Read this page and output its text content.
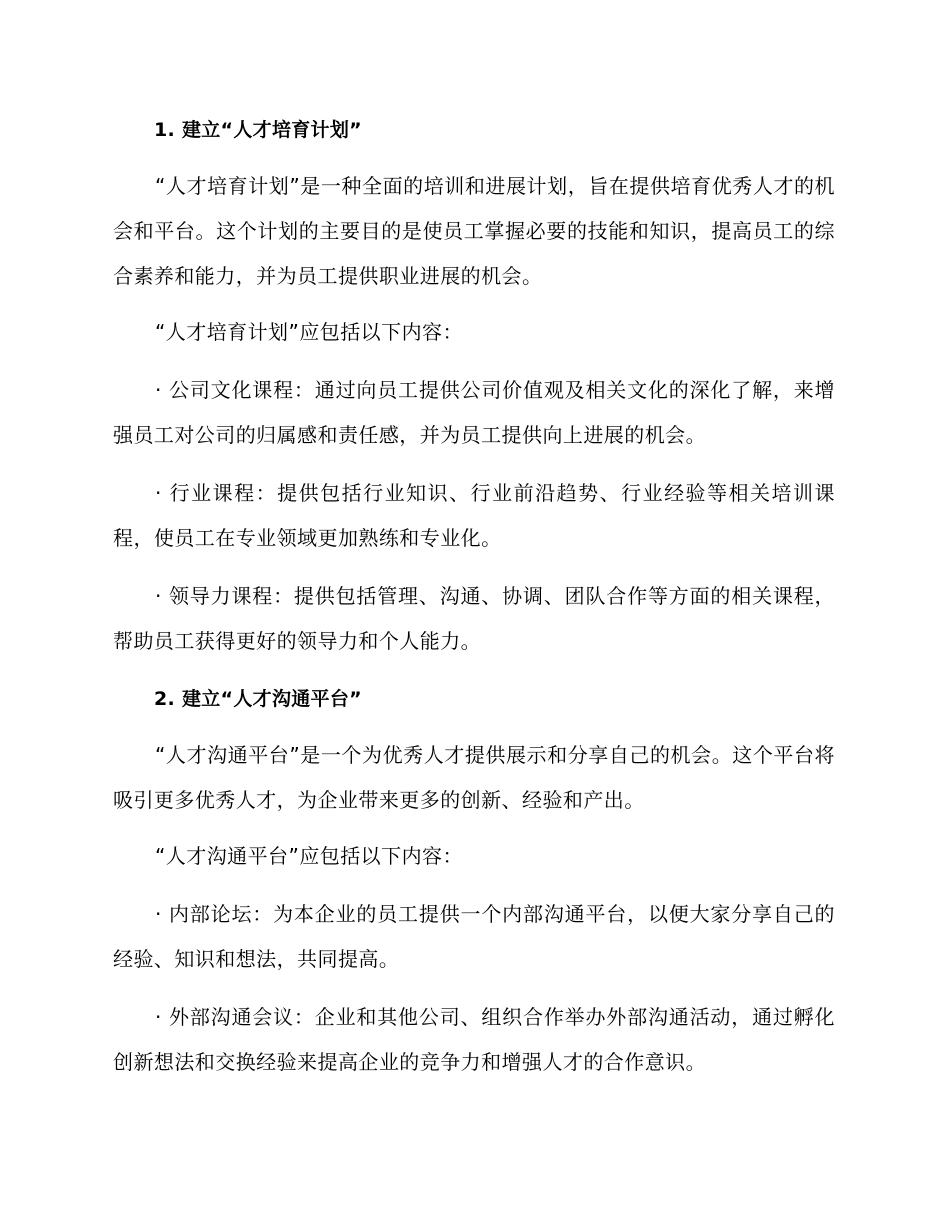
1. 建立“人才培育计划”
“人才培育计划”是一种全面的培训和进展计划，旨在提供培育优秀人才的机会和平台。这个计划的主要目的是使员工掌握必要的技能和知识，提高员工的综合素养和能力，并为员工提供职业进展的机会。
“人才培育计划”应包括以下内容：
· 公司文化课程：通过向员工提供公司价值观及相关文化的深化了解，来增强员工对公司的归属感和责任感，并为员工提供向上进展的机会。
· 行业课程：提供包括行业知识、行业前沿趋势、行业经验等相关培训课程，使员工在专业领域更加熟练和专业化。
· 领导力课程：提供包括管理、沟通、协调、团队合作等方面的相关课程，帮助员工获得更好的领导力和个人能力。
2. 建立“人才沟通平台”
“人才沟通平台”是一个为优秀人才提供展示和分享自己的机会。这个平台将吸引更多优秀人才，为企业带来更多的创新、经验和产出。
“人才沟通平台”应包括以下内容：
· 内部论坛：为本企业的员工提供一个内部沟通平台，以便大家分享自己的经验、知识和想法，共同提高。
· 外部沟通会议：企业和其他公司、组织合作举办外部沟通活动，通过孵化创新想法和交换经验来提高企业的竞争力和增强人才的合作意识。
